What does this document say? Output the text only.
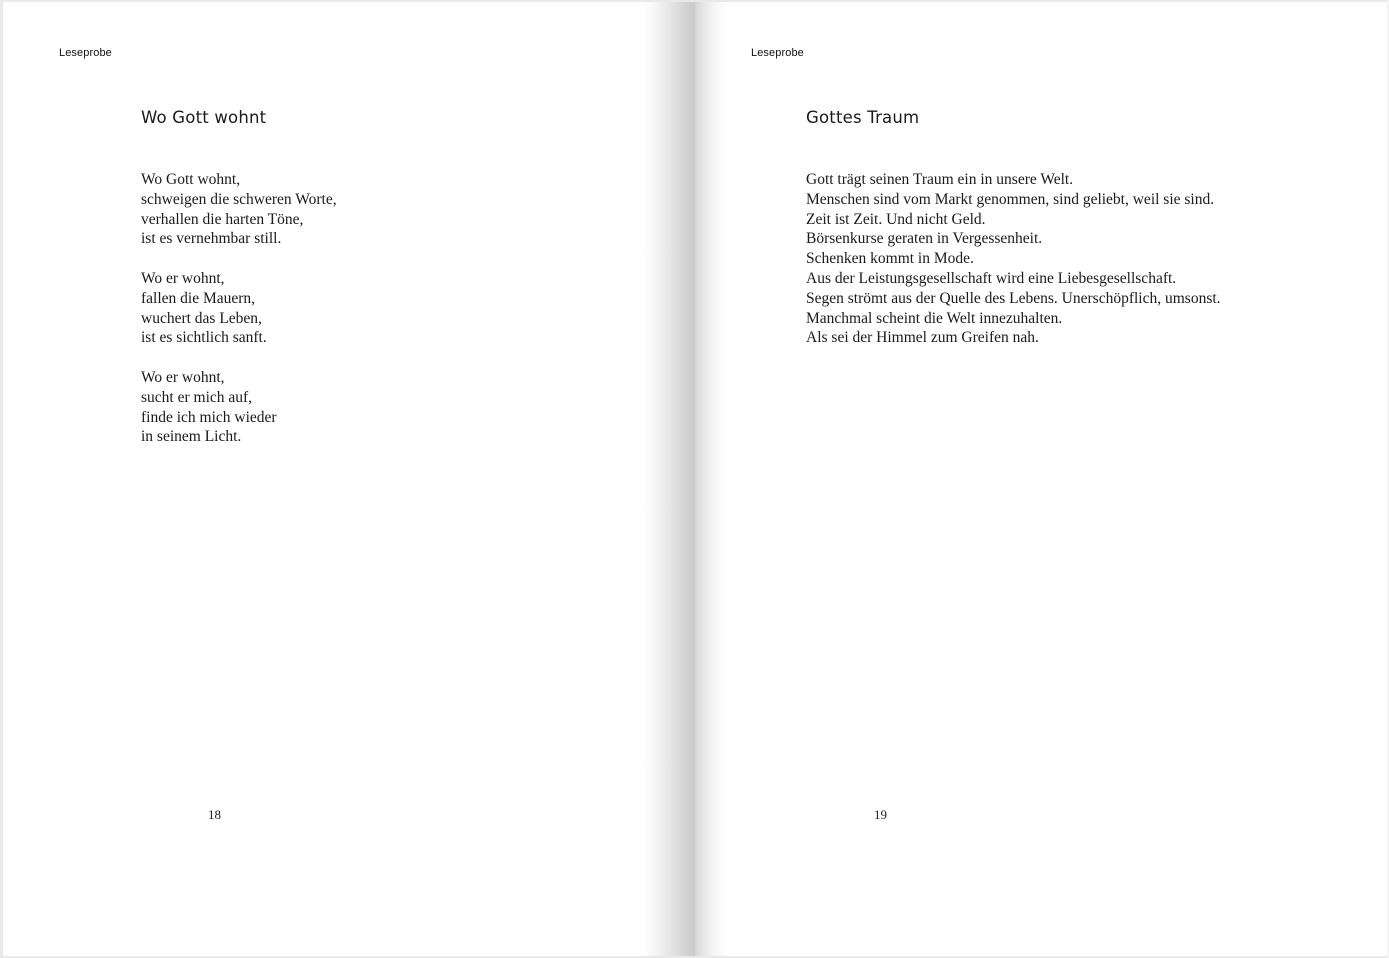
Leseprobe
Wo Gott wohnt
Wo Gott wohnt,
schweigen die schweren Worte,
verhallen die harten Töne,
ist es vernehmbar still.
Wo er wohnt,
fallen die Mauern,
wuchert das Leben,
ist es sichtlich sanft.
Wo er wohnt,
sucht er mich auf,
finde ich mich wieder
in seinem Licht.
18
Leseprobe
Gottes Traum
Gott trägt seinen Traum ein in unsere Welt.
Menschen sind vom Markt genommen, sind geliebt, weil sie sind.
Zeit ist Zeit. Und nicht Geld.
Börsenkurse geraten in Vergessenheit.
Schenken kommt in Mode.
Aus der Leistungsgesellschaft wird eine Liebesgesellschaft.
Segen strömt aus der Quelle des Lebens. Unerschöpflich, umsonst.
Manchmal scheint die Welt innezuhalten.
Als sei der Himmel zum Greifen nah.
19
